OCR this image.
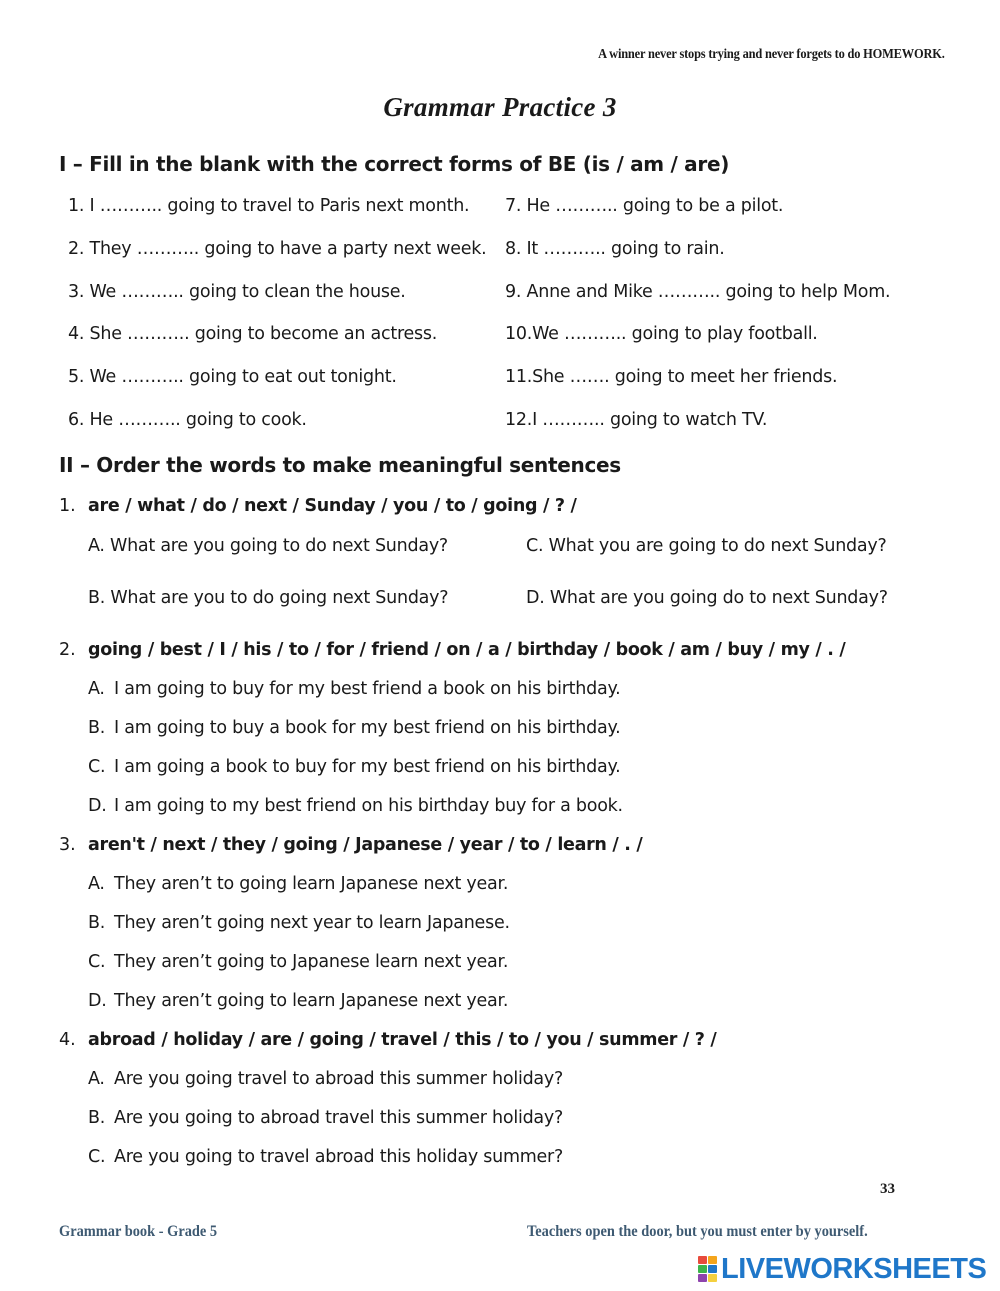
A winner never stops trying and never forgets to do HOMEWORK.
Grammar Practice 3
I – Fill in the blank with the correct forms of BE (is / am / are)
1. I ……….. going to travel to Paris next month.
2. They ……….. going to have a party next week.
3. We ……….. going to clean the house.
4. She ……….. going to become an actress.
5. We ……….. going to eat out tonight.
6. He ……….. going to cook.
7. He ……….. going to be a pilot.
8. It ……….. going to rain.
9. Anne and Mike ……….. going to help Mom.
10.We ……….. going to play football.
11.She ……. going to meet her friends.
12.I ……….. going to watch TV.
II – Order the words to make meaningful sentences
1. are / what / do / next / Sunday / you / to / going / ? /
A. What are you going to do next Sunday?	C. What you are going to do next Sunday?
B. What are you to do going next Sunday?	D. What are you going do to next Sunday?
2. going / best / I / his / to / for / friend / on / a / birthday / book / am / buy / my / . /
A. I am going to buy for my best friend a book on his birthday.
B. I am going to buy a book for my best friend on his birthday.
C. I am going a book to buy for my best friend on his birthday.
D. I am going to my best friend on his birthday buy for a book.
3. aren't / next / they / going / Japanese / year / to / learn / . /
A. They aren’t to going learn Japanese next year.
B. They aren’t going next year to learn Japanese.
C. They aren’t going to Japanese learn next year.
D. They aren’t going to learn Japanese next year.
4. abroad / holiday / are / going / travel / this / to / you / summer / ? /
A. Are you going travel to abroad this summer holiday?
B. Are you going to abroad travel this summer holiday?
C. Are you going to travel abroad this holiday summer?
33
Grammar book - Grade 5	Teachers open the door, but you must enter by yourself.
LIVEWORKSHEETS
